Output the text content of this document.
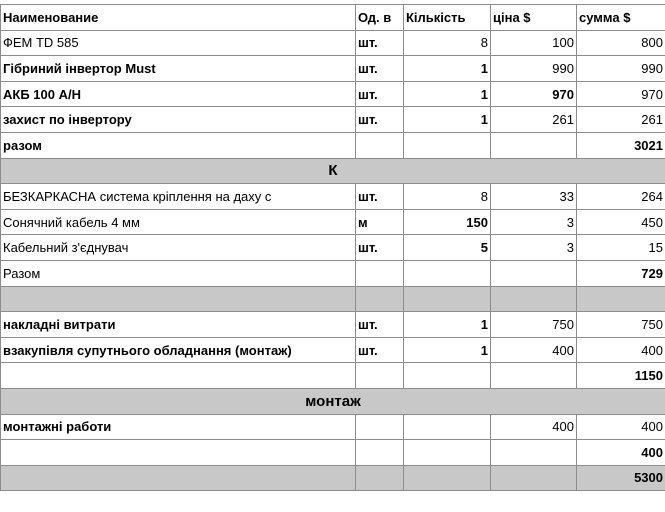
Наименование	Од. в	Кількість	ціна $	сумма $
ФЕМ TD 585	шт.	8	100	800
Гібриний інвертор Must	шт.	1	990	990
АКБ 100 А/Н	шт.	1	970	970
захист по інвертору	шт.	1	261	261
разом				3021
К				
БЕЗКАРКАСНА система кріплення на даху с	шт.	8	33	264
Сонячний кабель 4 мм	м	150	3	450
Кабельний з'єднувач	шт.	5	3	15
Разом				729

накладні витрати	шт.	1	750	750
взакупівля супутнього обладнання (монтаж)	шт.	1	400	400
				1150
монтаж				
монтажні работи			400	400
				400
				5300
